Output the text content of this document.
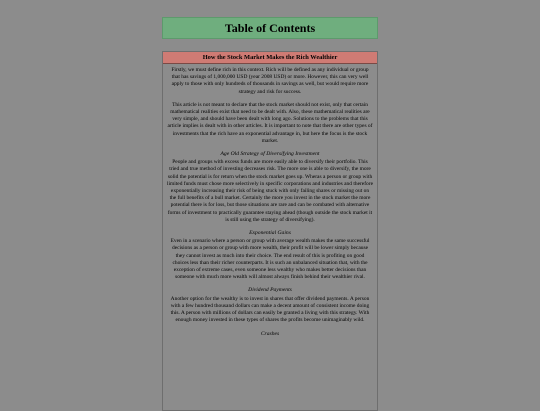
Table of Contents
How the Stock Market Makes the Rich Wealthier

Firstly, we must define rich in this context. Rich will be defined as any individual or group that has savings of 1,000,000 USD (year 2008 USD) or more. However, this can very well apply to those with only hundreds of thousands in savings as well, but would require more strategy and risk for success.

This article is not meant to declare that the stock market should not exist, only that certain mathematical realities exist that need to be dealt with. Also, these mathematical realities are very simple, and should have been dealt with long ago. Solutions to the problems that this article implies is dealt with in other articles. It is important to note that there are other types of investments that the rich have an exponential advantage in, but here the focus is the stock market.

Age Old Strategy of Diversifying Investment

People and groups with excess funds are more easily able to diversify their portfolio. This tried and true method of investing decreases risk. The more one is able to diversify, the more solid the potential is for return when the stock market goes up. Wheras a person or group with limited funds must chose more selectively in specific corporations and industries and therefore exponentially increasing their risk of being stuck with only failing shares or missing out on the full benefits of a bull market. Certainly the more you invest in the stock market the more potential there is for loss, but those situations are rare and can be combated with alternative forms of investment to practically guarantee staying ahead (though outside the stock market it is still using the strategy of diversifying).

Exponential Gains

Even in a scenario where a person or group with average wealth makes the same successful decisions as a person or group with more wealth, their profit will be lower simply because they cannot invest as much into their choice. The end result of this is profiting on good choices less than their richer counterparts. It is such an unbalanced situation that, with the exception of extreme cases, even someone less wealthy who makes better decisions than someone with much more wealth will almost always finish behind their wealthier rival.

Dividend Payments

Another option for the wealthy is to invest in shares that offer dividend payments. A person with a few hundred thousand dollars can make a decent amount of consistent income doing this. A person with millions of dollars can easily be granted a living with this strategy. With enough money invested in these types of shares the profits become unimaginably wild.

Crashes
